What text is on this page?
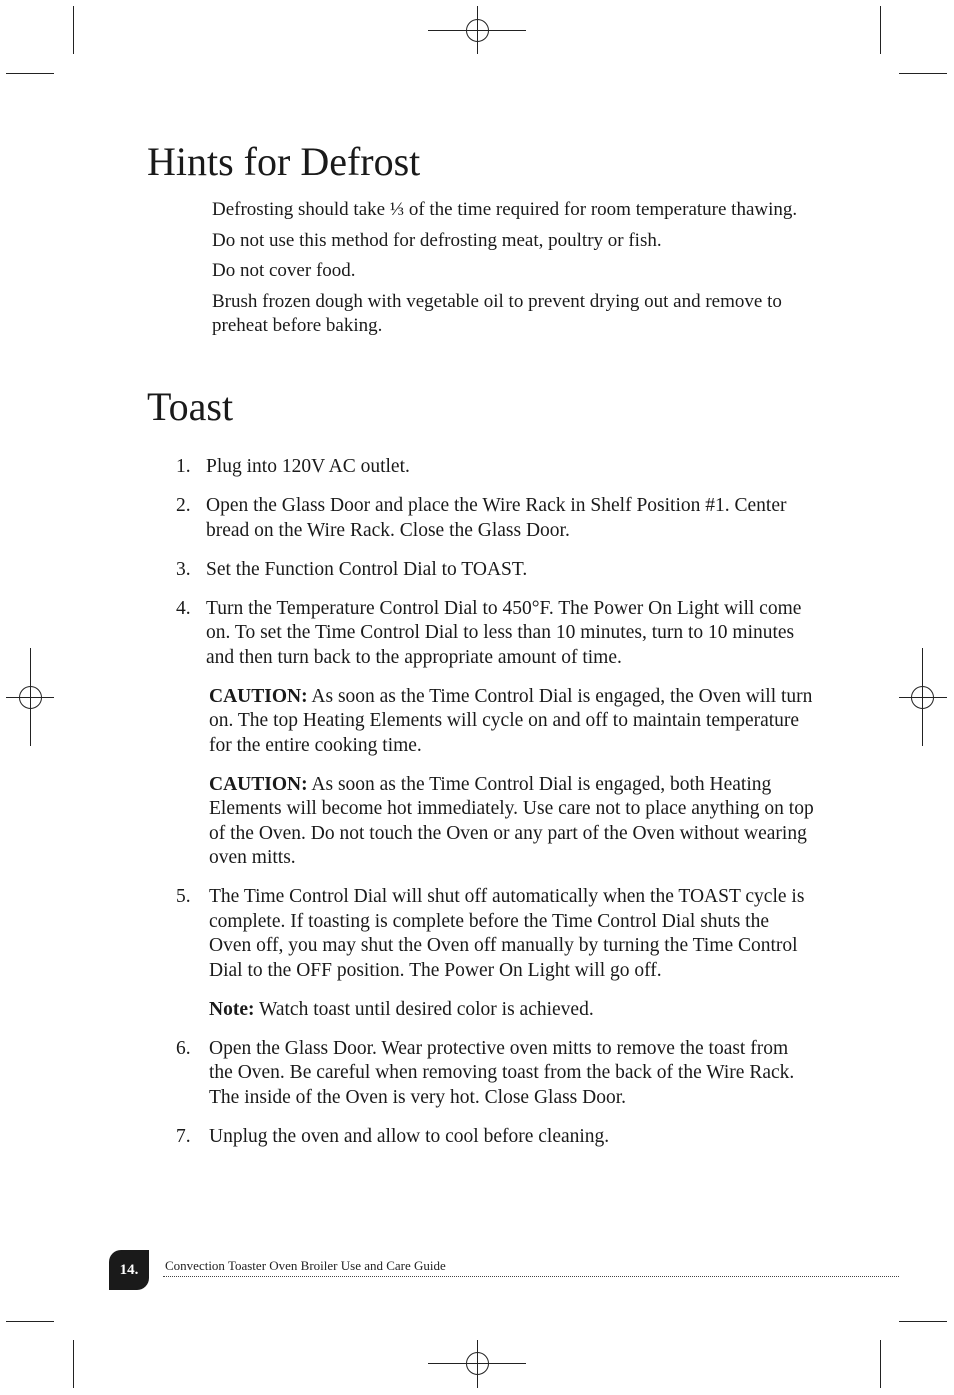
Hints for Defrost

Defrosting should take ⅓ of the time required for room temperature thawing.

Do not use this method for defrosting meat, poultry or fish.

Do not cover food.

Brush frozen dough with vegetable oil to prevent drying out and remove to preheat before baking.

Toast
1. Plug into 120V AC outlet.

2. Open the Glass Door and place the Wire Rack in Shelf Position #1. Center bread on the Wire Rack. Close the Glass Door.

3. Set the Function Control Dial to TOAST.

4. Turn the Temperature Control Dial to 450°F. The Power On Light will come on. To set the Time Control Dial to less than 10 minutes, turn to 10 minutes and then turn back to the appropriate amount of time.

CAUTION: As soon as the Time Control Dial is engaged, the Oven will turn on. The top Heating Elements will cycle on and off to maintain temperature for the entire cooking time.

CAUTION: As soon as the Time Control Dial is engaged, both Heating Elements will become hot immediately. Use care not to place anything on top of the Oven. Do not touch the Oven or any part of the Oven without wearing oven mitts.

5. The Time Control Dial will shut off automatically when the TOAST cycle is complete. If toasting is complete before the Time Control Dial shuts the Oven off, you may shut the Oven off manually by turning the Time Control Dial to the OFF position. The Power On Light will go off.

Note: Watch toast until desired color is achieved.

6. Open the Glass Door. Wear protective oven mitts to remove the toast from the Oven. Be careful when removing toast from the back of the Wire Rack. The inside of the Oven is very hot. Close Glass Door.

7. Unplug the oven and allow to cool before cleaning.

14.	Convection Toaster Oven Broiler Use and Care Guide
